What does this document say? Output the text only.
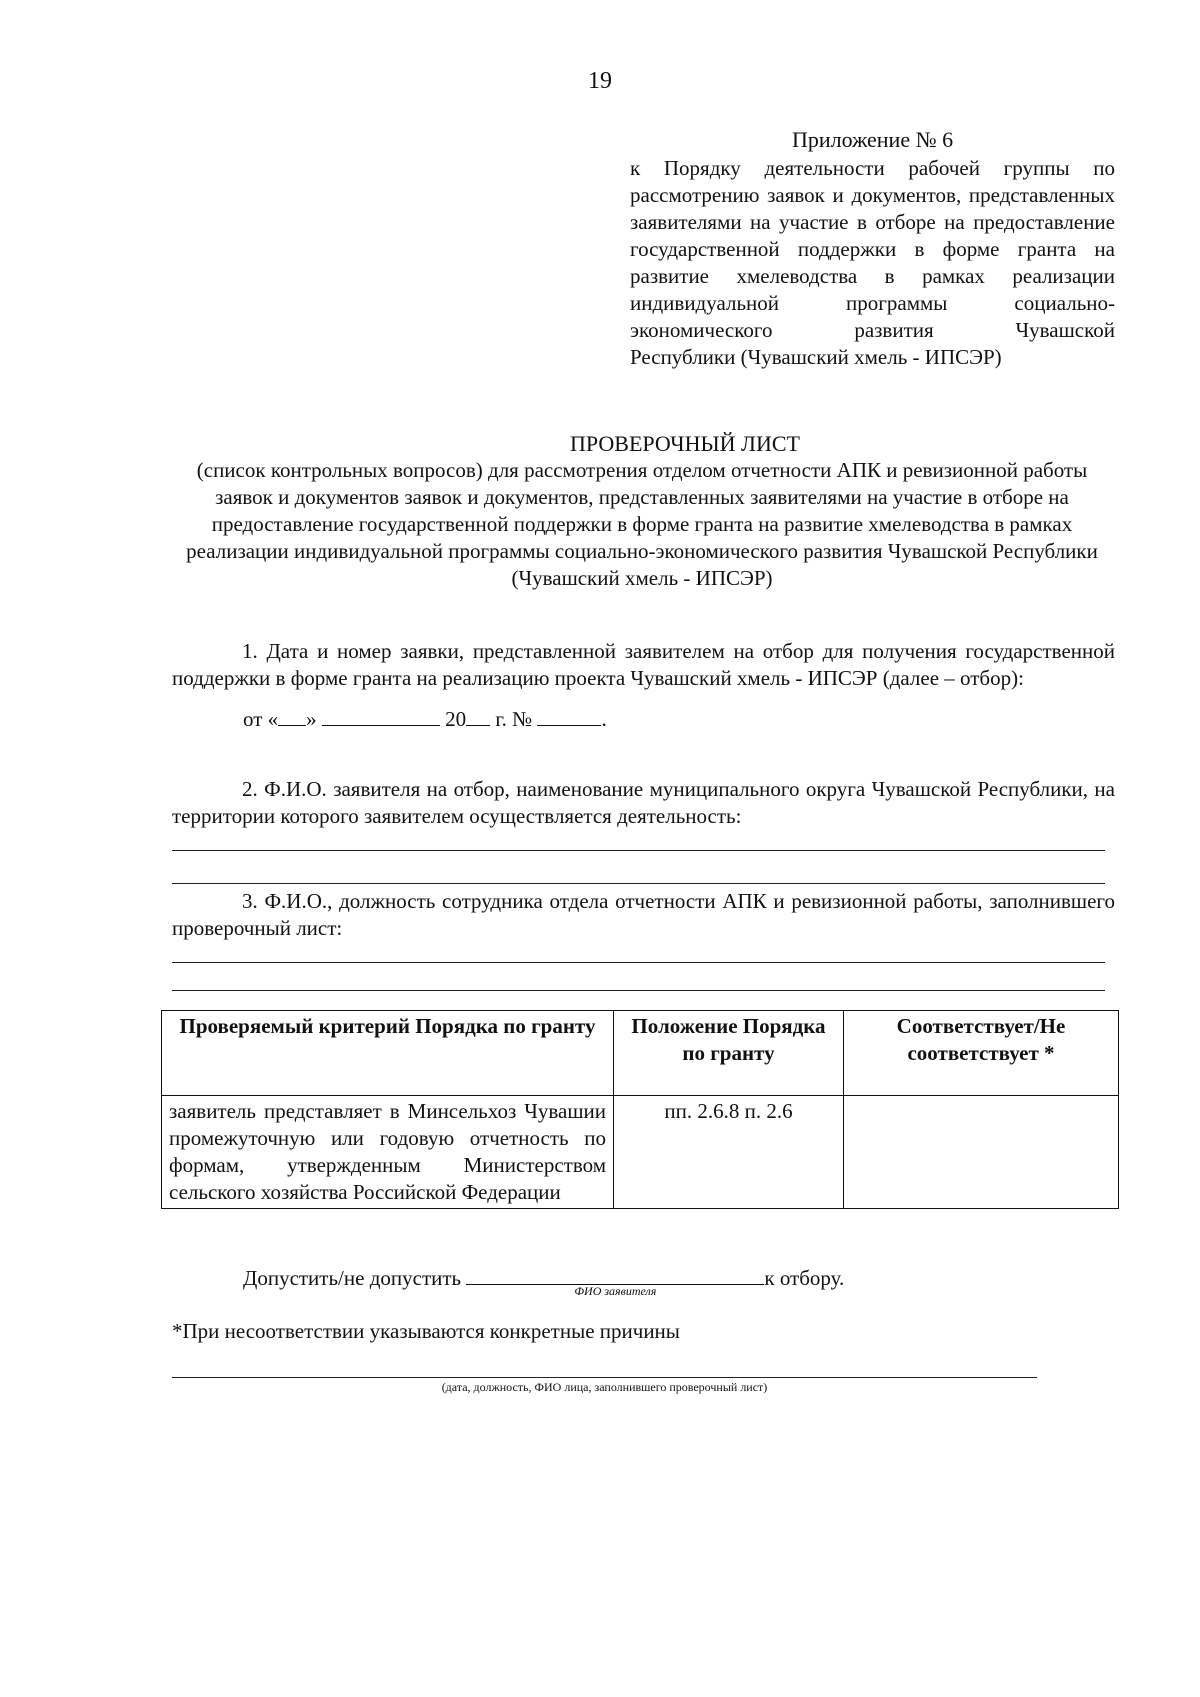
19
Приложение № 6
к Порядку деятельности рабочей группы по рассмотрению заявок и документов, представленных заявителями на участие в отборе на предоставление государственной поддержки в форме гранта на развитие хмелеводства в рамках реализации индивидуальной программы социально-экономического развития Чувашской
Республики (Чувашский хмель - ИПСЭР)
ПРОВЕРОЧНЫЙ ЛИСТ
(список контрольных вопросов) для рассмотрения отделом отчетности АПК и ревизионной работы заявок и документов заявок и документов, представленных заявителями на участие в отборе на предоставление государственной поддержки в форме гранта на развитие хмелеводства в рамках реализации индивидуальной программы социально-экономического развития Чувашской Республики (Чувашский хмель - ИПСЭР)

1. Дата и номер заявки, представленной заявителем на отбор для получения государственной поддержки в форме гранта на реализацию проекта Чувашский хмель - ИПСЭР (далее – отбор):

от « »	20 г. №	.

2. Ф.И.О. заявителя на отбор, наименование муниципального округа Чувашской Республики, на территории которого заявителем осуществляется деятельность:

3. Ф.И.О., должность сотрудника отдела отчетности АПК и ревизионной работы, заполнившего проверочный лист:

Проверяемый критерий Порядка по гранту	Положение Порядка по гранту	Соответствует/Не соответствует *
заявитель представляет в Минсельхоз Чувашии промежуточную или годовую отчетность по формам, утвержденным Министерством сельского хозяйства Российской Федерации	пп. 2.6.8 п. 2.6	
Допустить/не допустить
ФИО заявителя
к отбору.
*При несоответствии указываются конкретные причины
(дата, должность, ФИО лица, заполнившего проверочный лист)
